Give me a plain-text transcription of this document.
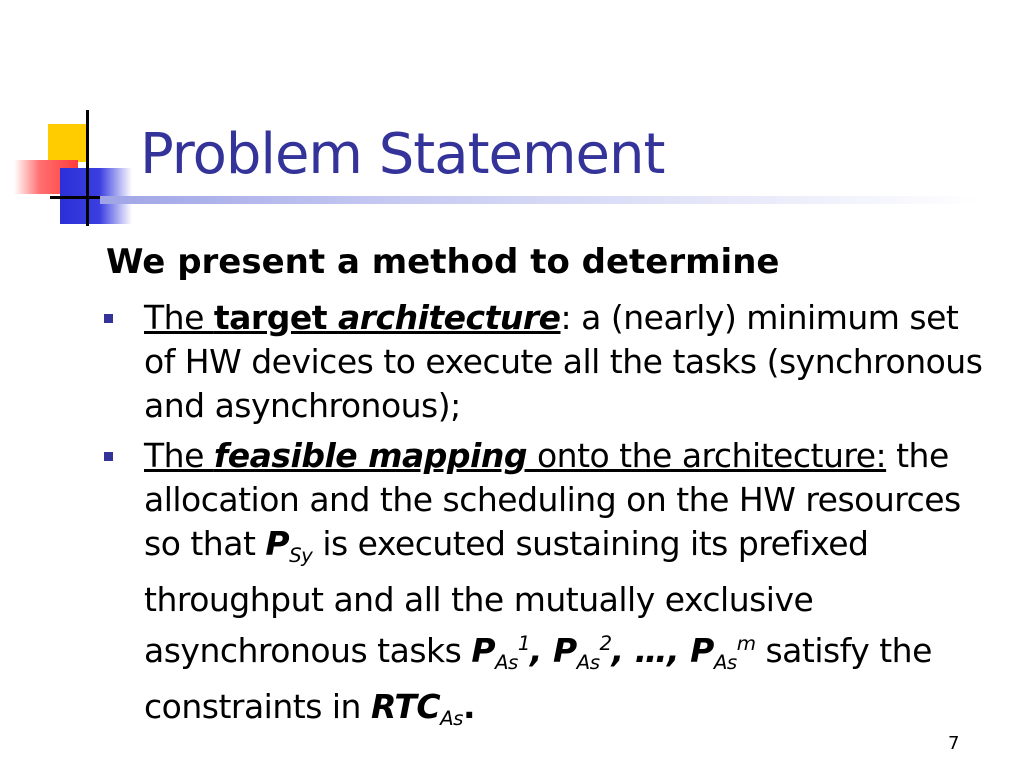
Problem Statement

We present a method to determine

The target architecture: a (nearly) minimum set of HW devices to execute all the tasks (synchronous and asynchronous);
The feasible mapping onto the architecture: the allocation and the scheduling on the HW resources so that $P_{Sy}$ is executed sustaining its prefixed throughput and all the mutually exclusive asynchronous tasks $P_{As}^1$, $P_{As}^2$, …, $P_{As}^m$ satisfy the constraints in $RTC_{As}$.
7
